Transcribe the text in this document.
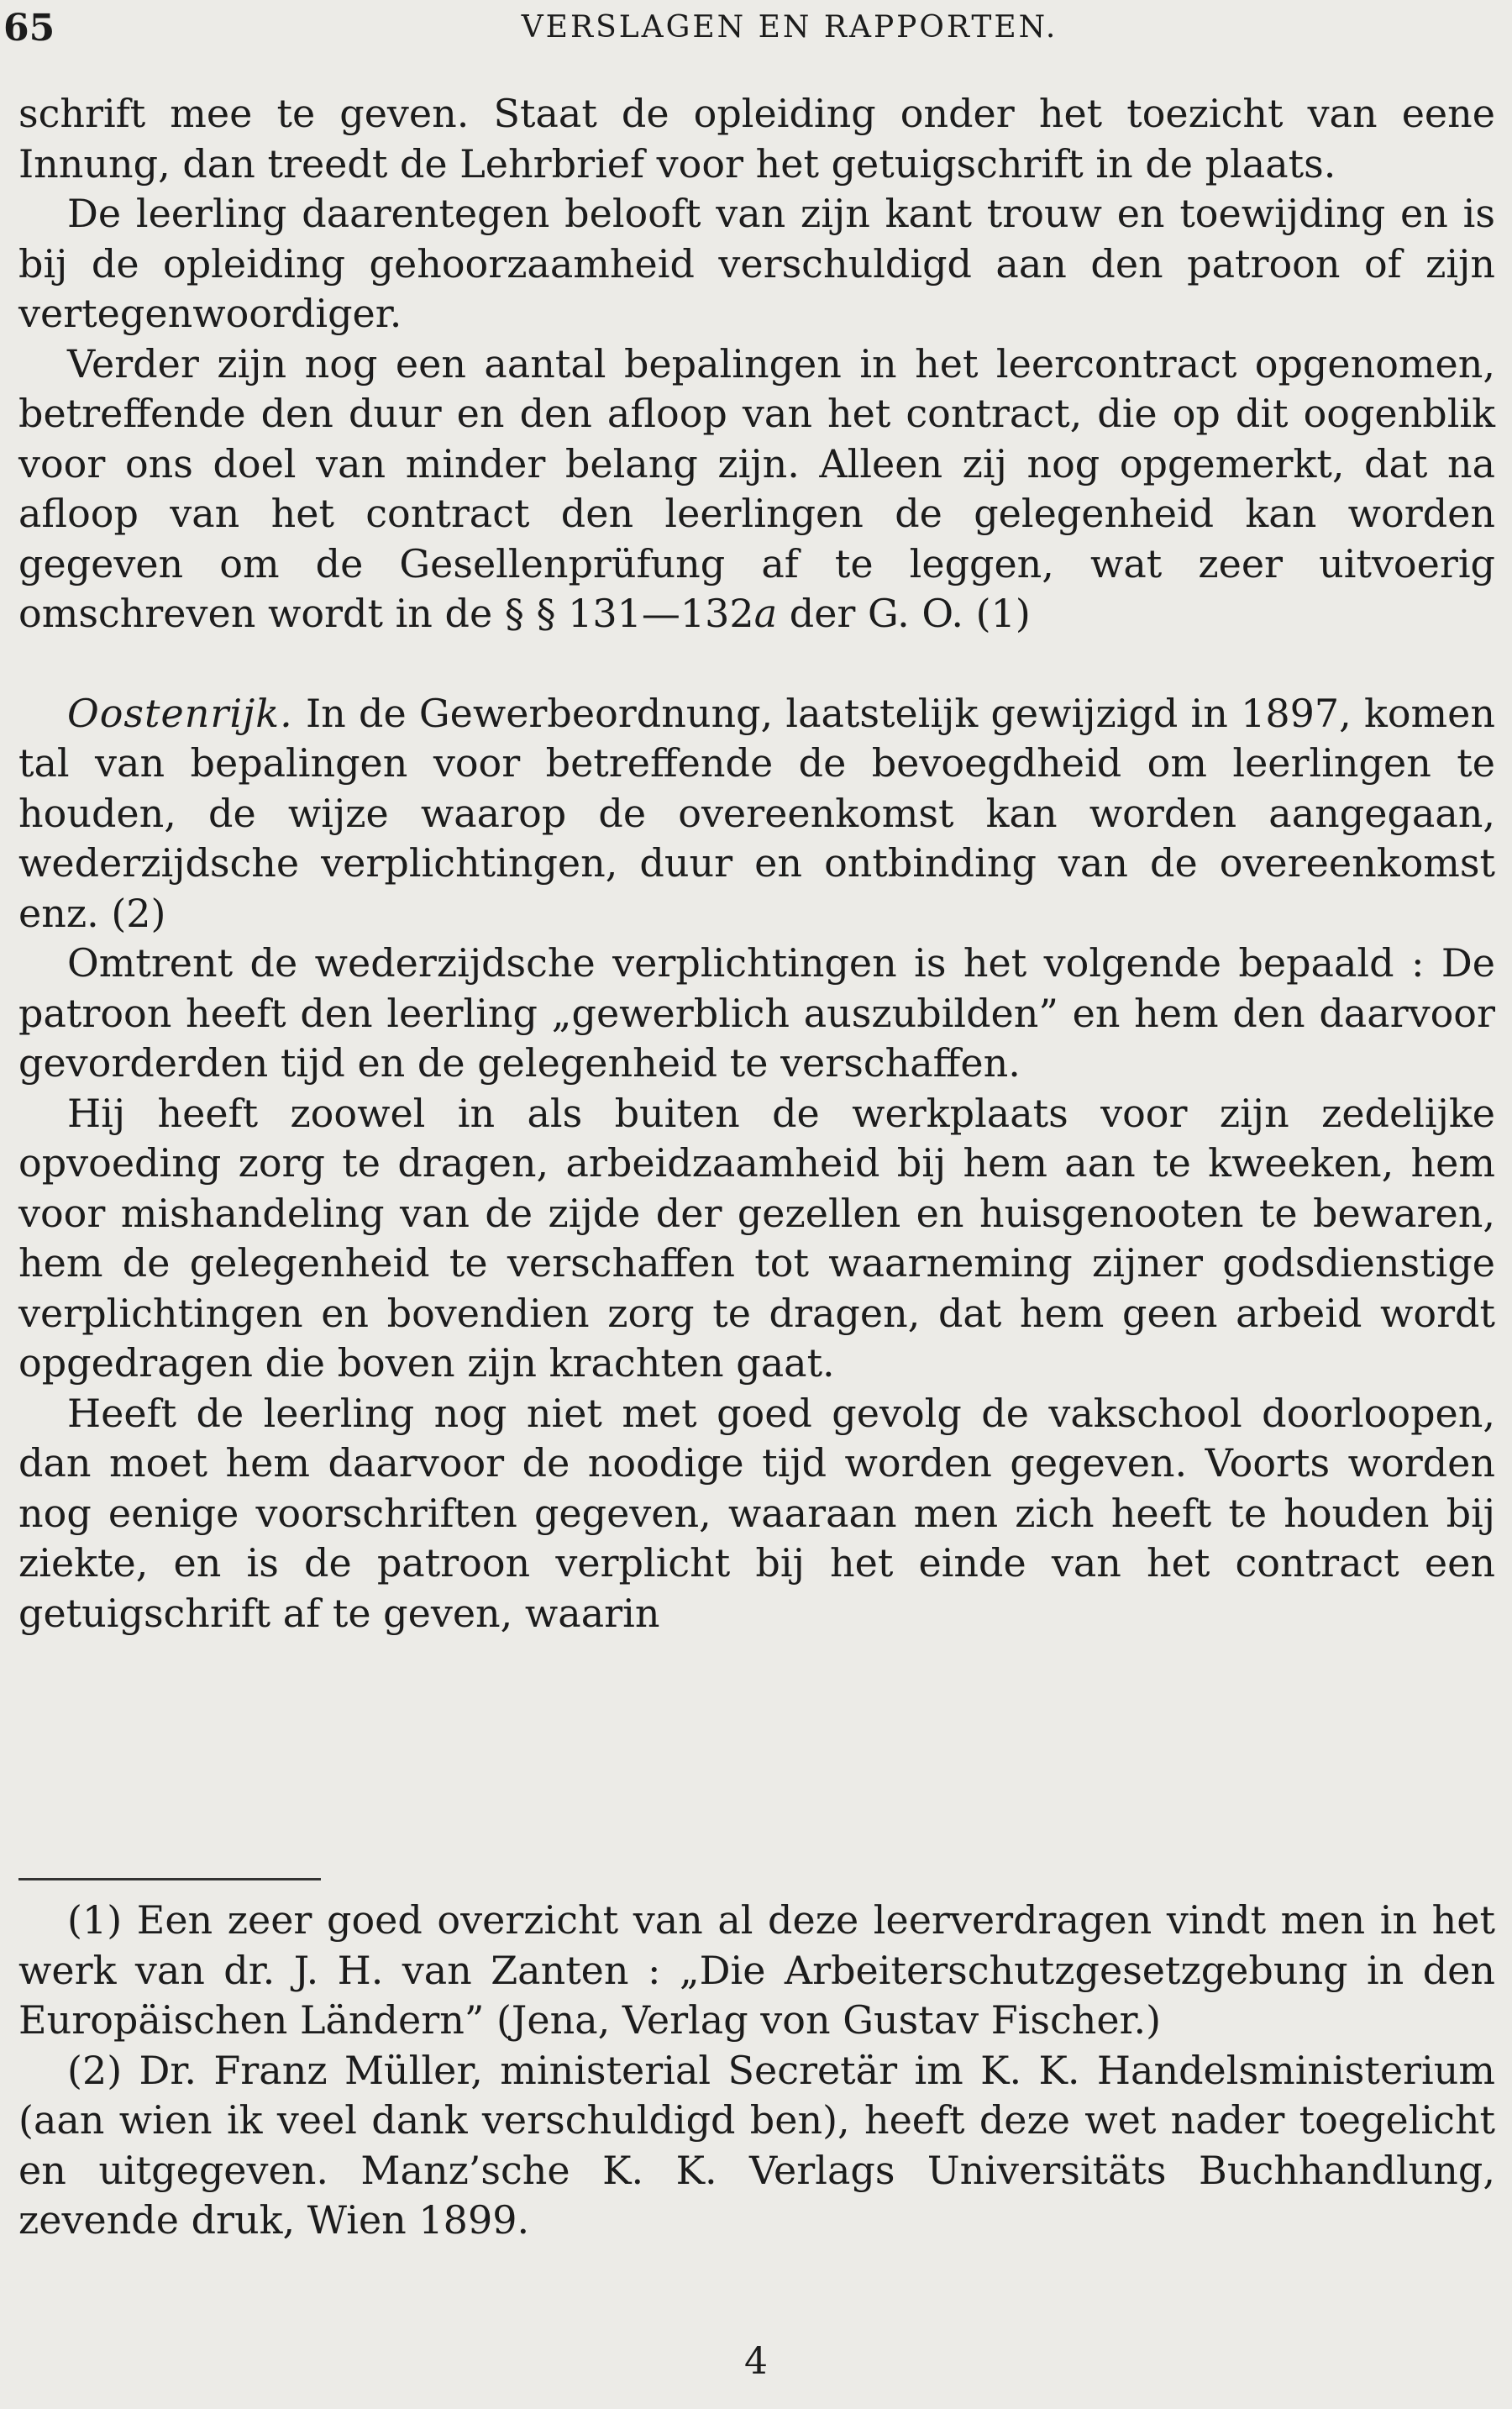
65	VERSLAGEN EN RAPPORTEN.

schrift mee te geven. Staat de opleiding onder het toezicht van eene Innung, dan treedt de Lehrbrief voor het getuigschrift in de plaats.

De leerling daarentegen belooft van zijn kant trouw en toewijding en is bij de opleiding gehoorzaamheid verschuldigd aan den patroon of zijn vertegenwoordiger.

Verder zijn nog een aantal bepalingen in het leercontract opgenomen, betreffende den duur en den afloop van het contract, die op dit oogenblik voor ons doel van minder belang zijn. Alleen zij nog opgemerkt, dat na afloop van het contract den leerlingen de gelegenheid kan worden gegeven om de Gesellenprüfung af te leggen, wat zeer uitvoerig omschreven wordt in de § § 131—132a der G. O. (1)

Oostenrijk. In de Gewerbeordnung, laatstelijk gewijzigd in 1897, komen tal van bepalingen voor betreffende de bevoegdheid om leerlingen te houden, de wijze waarop de overeenkomst kan worden aangegaan, wederzijdsche verplichtingen, duur en ontbinding van de overeenkomst enz. (2)

Omtrent de wederzijdsche verplichtingen is het volgende bepaald : De patroon heeft den leerling „gewerblich auszubilden” en hem den daarvoor gevorderden tijd en de gelegenheid te verschaffen.

Hij heeft zoowel in als buiten de werkplaats voor zijn zedelijke opvoeding zorg te dragen, arbeidzaamheid bij hem aan te kweeken, hem voor mishandeling van de zijde der gezellen en huisgenooten te bewaren, hem de gelegenheid te verschaffen tot waarneming zijner godsdienstige verplichtingen en bovendien zorg te dragen, dat hem geen arbeid wordt opgedragen die boven zijn krachten gaat.

Heeft de leerling nog niet met goed gevolg de vakschool doorloopen, dan moet hem daarvoor de noodige tijd worden gegeven. Voorts worden nog eenige voorschriften gegeven, waaraan men zich heeft te houden bij ziekte, en is de patroon verplicht bij het einde van het contract een getuigschrift af te geven, waarin

(1) Een zeer goed overzicht van al deze leerverdragen vindt men in het werk van dr. J. H. van Zanten : „Die Arbeiterschutzgesetzgebung in den Europäischen Ländern” (Jena, Verlag von Gustav Fischer.)

(2) Dr. Franz Müller, ministerial Secretär im K. K. Handelsministerium (aan wien ik veel dank verschuldigd ben), heeft deze wet nader toegelicht en uitgegeven. Manz’sche K. K. Verlags Universitäts Buchhandlung, zevende druk, Wien 1899.

4
